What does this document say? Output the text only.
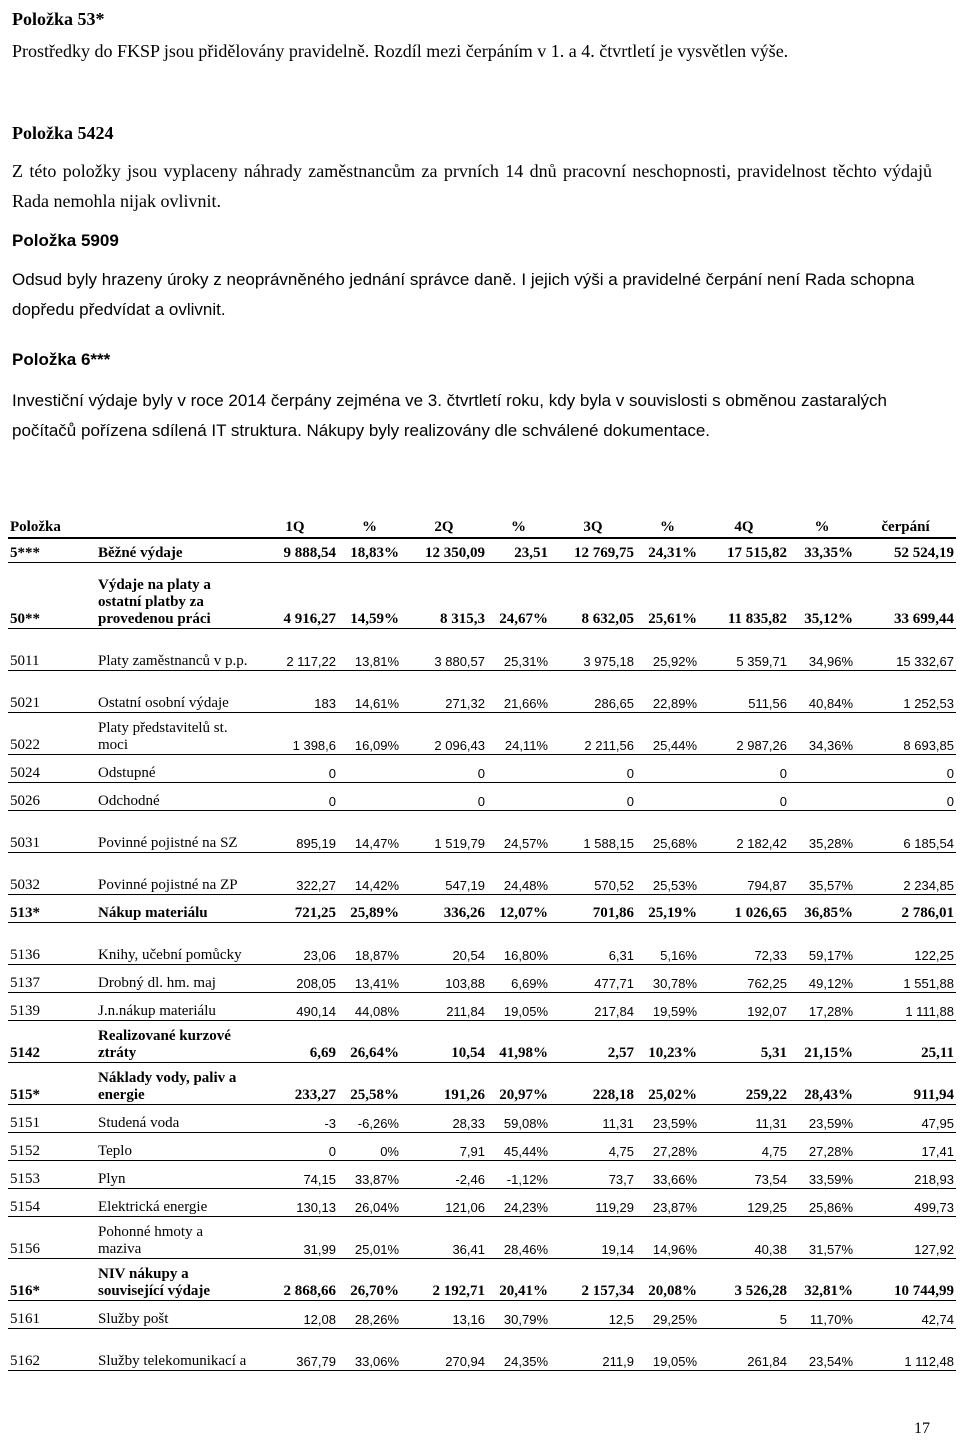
Položka 53*
Prostředky do FKSP jsou přidělovány pravidelně. Rozdíl mezi čerpáním v 1. a 4. čtvrtletí je vysvětlen výše.
Položka 5424
Z této položky jsou vyplaceny náhrady zaměstnancům za prvních 14 dnů pracovní neschopnosti, pravidelnost těchto výdajů Rada nemohla nijak ovlivnit.
Položka 5909
Odsud byly hrazeny úroky z neoprávněného jednání správce daně. I jejich výši a pravidelné čerpání není Rada schopna dopředu předvídat a ovlivnit.
Položka 6***
Investiční výdaje byly v roce 2014 čerpány zejména ve 3. čtvrtletí roku, kdy byla v souvislosti s obměnou zastaralých počítačů pořízena sdílená IT struktura. Nákupy byly realizovány dle schválené dokumentace.
Položka		1Q	%	2Q	%	3Q	%	4Q	%	čerpání
5***	Běžné výdaje	9 888,54	18,83%	12 350,09	23,51	12 769,75	24,31%	17 515,82	33,35%	52 524,19
50**	Výdaje na platy a ostatní platby za provedenou práci	4 916,27	14,59%	8 315,3	24,67%	8 632,05	25,61%	11 835,82	35,12%	33 699,44
5011	Platy zaměstnanců v p.p.	2 117,22	13,81%	3 880,57	25,31%	3 975,18	25,92%	5 359,71	34,96%	15 332,67
5021	Ostatní osobní výdaje	183	14,61%	271,32	21,66%	286,65	22,89%	511,56	40,84%	1 252,53
5022	Platy představitelů st. moci	1 398,6	16,09%	2 096,43	24,11%	2 211,56	25,44%	2 987,26	34,36%	8 693,85
5024	Odstupné	0		0		0		0		0
5026	Odchodné	0		0		0		0		0
5031	Povinné pojistné na SZ	895,19	14,47%	1 519,79	24,57%	1 588,15	25,68%	2 182,42	35,28%	6 185,54
5032	Povinné pojistné na ZP	322,27	14,42%	547,19	24,48%	570,52	25,53%	794,87	35,57%	2 234,85
513*	Nákup materiálu	721,25	25,89%	336,26	12,07%	701,86	25,19%	1 026,65	36,85%	2 786,01
5136	Knihy, učební pomůcky	23,06	18,87%	20,54	16,80%	6,31	5,16%	72,33	59,17%	122,25
5137	Drobný dl. hm. maj	208,05	13,41%	103,88	6,69%	477,71	30,78%	762,25	49,12%	1 551,88
5139	J.n.nákup materiálu	490,14	44,08%	211,84	19,05%	217,84	19,59%	192,07	17,28%	1 111,88
5142	Realizované kurzové ztráty	6,69	26,64%	10,54	41,98%	2,57	10,23%	5,31	21,15%	25,11
515*	Náklady vody, paliv a energie	233,27	25,58%	191,26	20,97%	228,18	25,02%	259,22	28,43%	911,94
5151	Studená voda	-3	-6,26%	28,33	59,08%	11,31	23,59%	11,31	23,59%	47,95
5152	Teplo	0	0%	7,91	45,44%	4,75	27,28%	4,75	27,28%	17,41
5153	Plyn	74,15	33,87%	-2,46	-1,12%	73,7	33,66%	73,54	33,59%	218,93
5154	Elektrická energie	130,13	26,04%	121,06	24,23%	119,29	23,87%	129,25	25,86%	499,73
5156	Pohonné hmoty a maziva	31,99	25,01%	36,41	28,46%	19,14	14,96%	40,38	31,57%	127,92
516*	NIV nákupy a související výdaje	2 868,66	26,70%	2 192,71	20,41%	2 157,34	20,08%	3 526,28	32,81%	10 744,99
5161	Služby pošt	12,08	28,26%	13,16	30,79%	12,5	29,25%	5	11,70%	42,74
5162	Služby telekomunikací a	367,79	33,06%	270,94	24,35%	211,9	19,05%	261,84	23,54%	1 112,48
17
